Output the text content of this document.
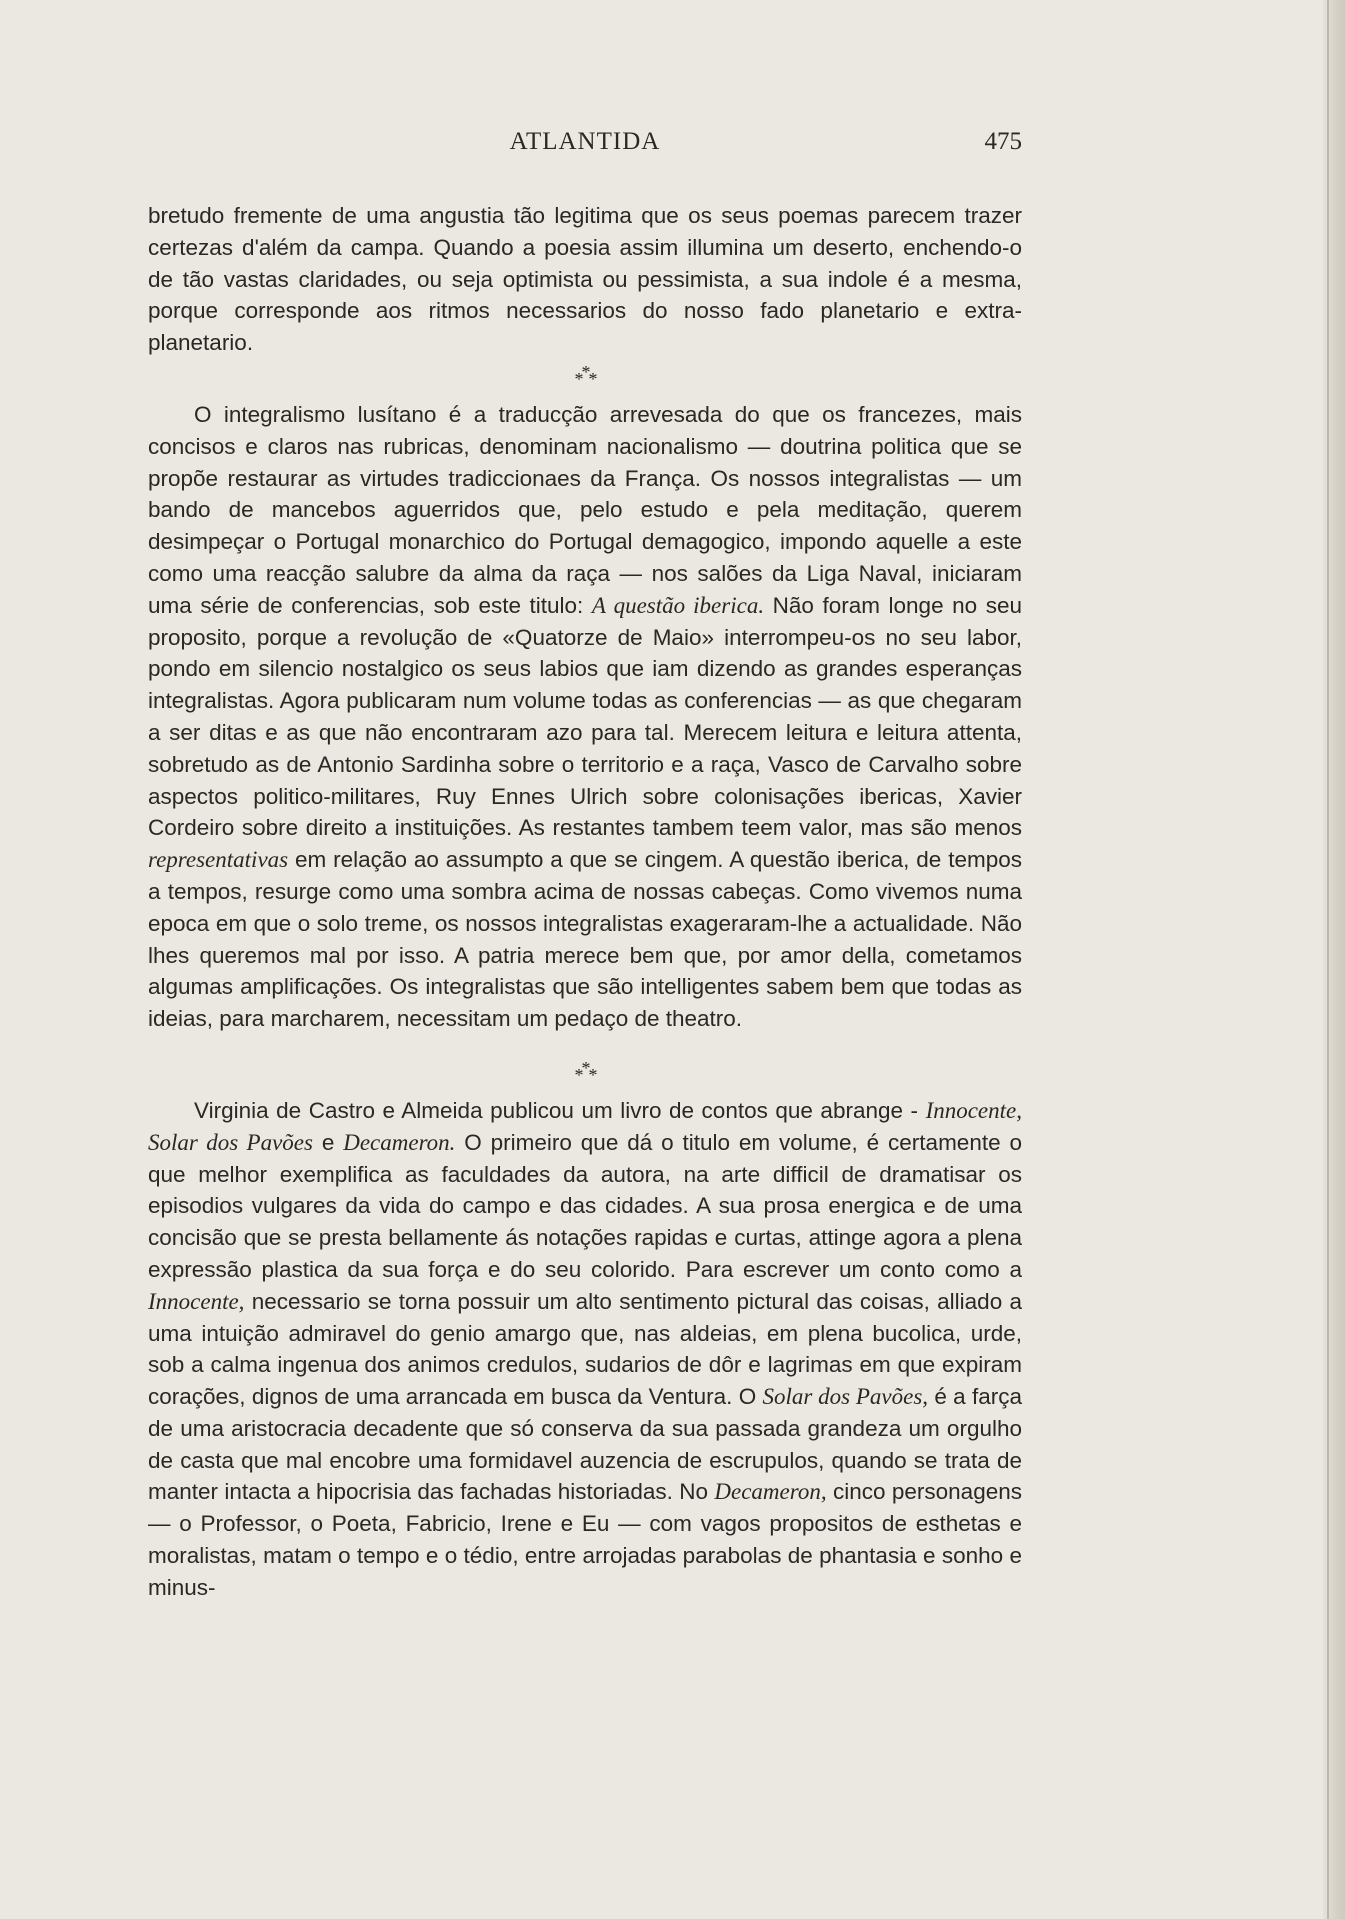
ATLANTIDA	475

bretudo fremente de uma angustia tão legitima que os seus poemas parecem trazer certezas d'além da campa. Quando a poesia assim illumina um deserto, enchendo-o de tão vastas claridades, ou seja optimista ou pessimista, a sua indole é a mesma, porque corresponde aos ritmos necessarios do nosso fado planetario e extra-planetario.

***

O integralismo lusítano é a traducção arrevesada do que os francezes, mais concisos e claros nas rubricas, denominam nacionalismo — doutrina politica que se propõe restaurar as virtudes tradiccionaes da França. Os nossos integralistas — um bando de mancebos aguerridos que, pelo estudo e pela meditação, querem desimpeçar o Portugal monarchico do Portugal demagogico, impondo aquelle a este como uma reacção salubre da alma da raça — nos salões da Liga Naval, iniciaram uma série de conferencias, sob este titulo: A questão iberica. Não foram longe no seu proposito, porque a revolução de «Quatorze de Maio» interrompeu-os no seu labor, pondo em silencio nostalgico os seus labios que iam dizendo as grandes esperanças integralistas. Agora publicaram num volume todas as conferencias — as que chegaram a ser ditas e as que não encontraram azo para tal. Merecem leitura e leitura attenta, sobretudo as de Antonio Sardinha sobre o territorio e a raça, Vasco de Carvalho sobre aspectos politico-militares, Ruy Ennes Ulrich sobre colonisações ibericas, Xavier Cordeiro sobre direito a instituições. As restantes tambem teem valor, mas são menos representativas em relação ao assumpto a que se cingem. A questão iberica, de tempos a tempos, resurge como uma sombra acima de nossas cabeças. Como vivemos numa epoca em que o solo treme, os nossos integralistas exageraram-lhe a actualidade. Não lhes queremos mal por isso. A patria merece bem que, por amor della, cometamos algumas amplificações. Os integralistas que são intelligentes sabem bem que todas as ideias, para marcharem, necessitam um pedaço de theatro.

***

Virginia de Castro e Almeida publicou um livro de contos que abrange - Innocente, Solar dos Pavões e Decameron. O primeiro que dá o titulo em volume, é certamente o que melhor exemplifica as faculdades da autora, na arte difficil de dramatisar os episodios vulgares da vida do campo e das cidades. A sua prosa energica e de uma concisão que se presta bellamente ás notações rapidas e curtas, attinge agora a plena expressão plastica da sua força e do seu colorido. Para escrever um conto como a Innocente, necessario se torna possuir um alto sentimento pictural das coisas, alliado a uma intuição admiravel do genio amargo que, nas aldeias, em plena bucolica, urde, sob a calma ingenua dos animos credulos, sudarios de dôr e lagrimas em que expiram corações, dignos de uma arrancada em busca da Ventura. O Solar dos Pavões, é a farça de uma aristocracia decadente que só conserva da sua passada grandeza um orgulho de casta que mal encobre uma formidavel auzencia de escrupulos, quando se trata de manter intacta a hipocrisia das fachadas historiadas. No Decameron, cinco personagens — o Professor, o Poeta, Fabricio, Irene e Eu — com vagos propositos de esthetas e moralistas, matam o tempo e o tédio, entre arrojadas parabolas de phantasia e sonho e minus-
